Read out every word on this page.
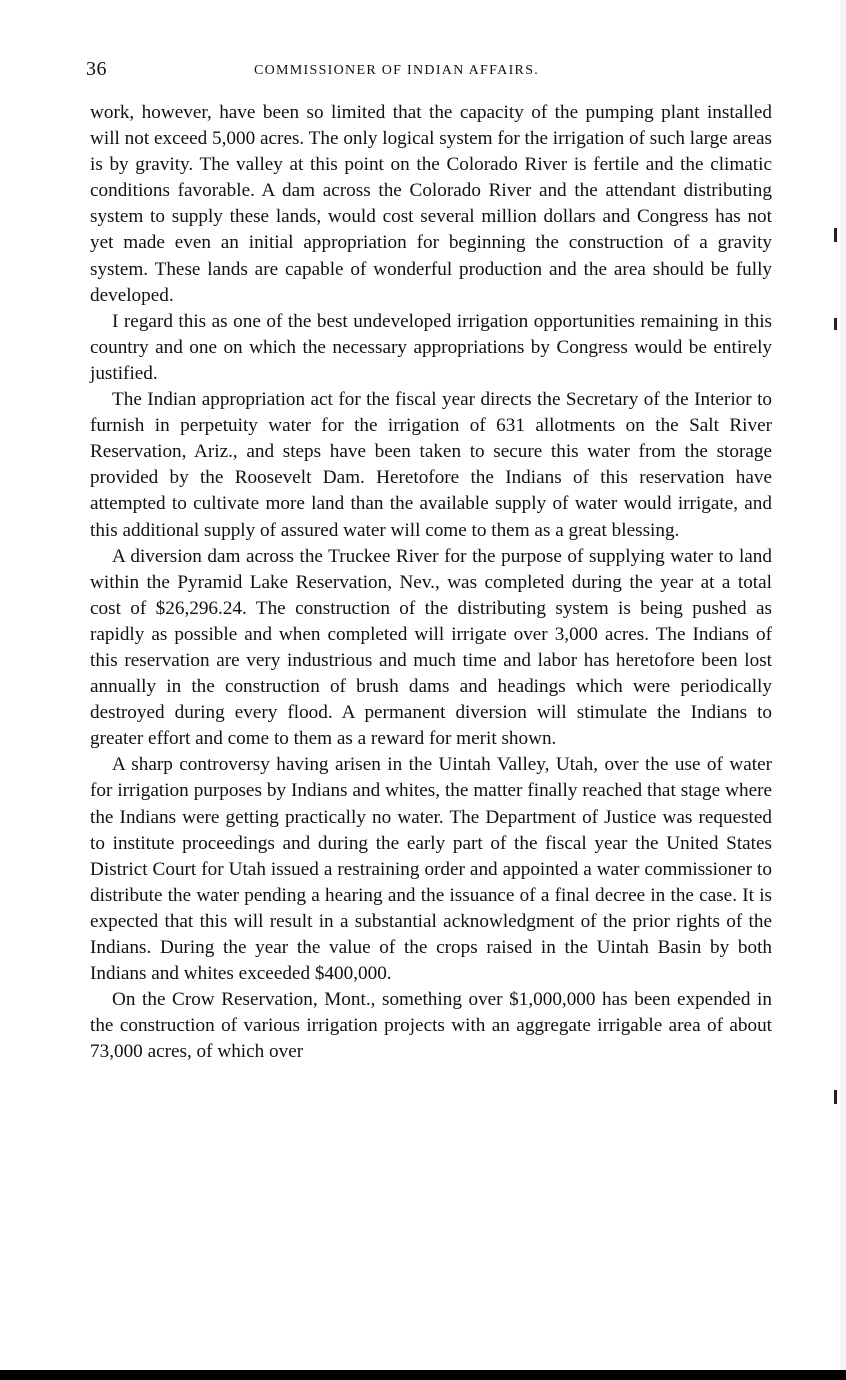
36	COMMISSIONER OF INDIAN AFFAIRS.

work, however, have been so limited that the capacity of the pumping plant installed will not exceed 5,000 acres. The only logical system for the irrigation of such large areas is by gravity. The valley at this point on the Colorado River is fertile and the climatic conditions favorable. A dam across the Colorado River and the attendant distributing system to supply these lands, would cost several million dollars and Congress has not yet made even an initial appropriation for beginning the construction of a gravity system. These lands are capable of wonderful production and the area should be fully developed.

I regard this as one of the best undeveloped irrigation opportunities remaining in this country and one on which the necessary appropriations by Congress would be entirely justified.

The Indian appropriation act for the fiscal year directs the Secretary of the Interior to furnish in perpetuity water for the irrigation of 631 allotments on the Salt River Reservation, Ariz., and steps have been taken to secure this water from the storage provided by the Roosevelt Dam. Heretofore the Indians of this reservation have attempted to cultivate more land than the available supply of water would irrigate, and this additional supply of assured water will come to them as a great blessing.

A diversion dam across the Truckee River for the purpose of supplying water to land within the Pyramid Lake Reservation, Nev., was completed during the year at a total cost of $26,296.24. The construction of the distributing system is being pushed as rapidly as possible and when completed will irrigate over 3,000 acres. The Indians of this reservation are very industrious and much time and labor has heretofore been lost annually in the construction of brush dams and headings which were periodically destroyed during every flood. A permanent diversion will stimulate the Indians to greater effort and come to them as a reward for merit shown.

A sharp controversy having arisen in the Uintah Valley, Utah, over the use of water for irrigation purposes by Indians and whites, the matter finally reached that stage where the Indians were getting practically no water. The Department of Justice was requested to institute proceedings and during the early part of the fiscal year the United States District Court for Utah issued a restraining order and appointed a water commissioner to distribute the water pending a hearing and the issuance of a final decree in the case. It is expected that this will result in a substantial acknowledgment of the prior rights of the Indians. During the year the value of the crops raised in the Uintah Basin by both Indians and whites exceeded $400,000.

On the Crow Reservation, Mont., something over $1,000,000 has been expended in the construction of various irrigation projects with an aggregate irrigable area of about 73,000 acres, of which over
